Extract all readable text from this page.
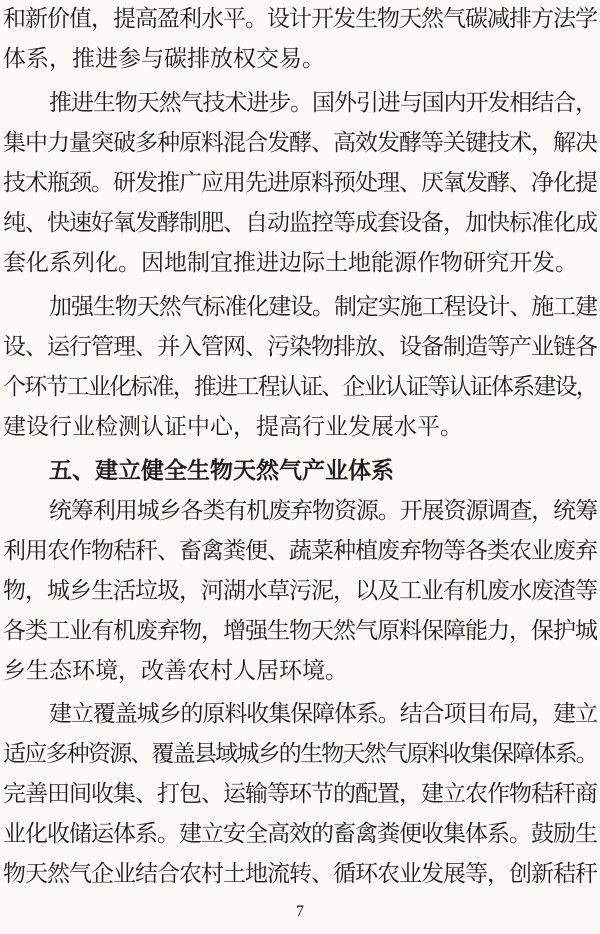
和新价值，提高盈利水平。设计开发生物天然气碳减排方法学
体系，推进参与碳排放权交易。
推进生物天然气技术进步。国外引进与国内开发相结合，
集中力量突破多种原料混合发酵、高效发酵等关键技术，解决
技术瓶颈。研发推广应用先进原料预处理、厌氧发酵、净化提
纯、快速好氧发酵制肥、自动监控等成套设备，加快标准化成
套化系列化。因地制宜推进边际土地能源作物研究开发。
加强生物天然气标准化建设。制定实施工程设计、施工建
设、运行管理、并入管网、污染物排放、设备制造等产业链各
个环节工业化标准，推进工程认证、企业认证等认证体系建设，
建设行业检测认证中心，提高行业发展水平。
五、建立健全生物天然气产业体系
统筹利用城乡各类有机废弃物资源。开展资源调查，统筹
利用农作物秸秆、畜禽粪便、蔬菜种植废弃物等各类农业废弃
物，城乡生活垃圾，河湖水草污泥，以及工业有机废水废渣等
各类工业有机废弃物，增强生物天然气原料保障能力，保护城
乡生态环境，改善农村人居环境。
建立覆盖城乡的原料收集保障体系。结合项目布局，建立
适应多种资源、覆盖县域城乡的生物天然气原料收集保障体系。
完善田间收集、打包、运输等环节的配置，建立农作物秸秆商
业化收储运体系。建立安全高效的畜禽粪便收集体系。鼓励生
物天然气企业结合农村土地流转、循环农业发展等，创新秸秆
7
